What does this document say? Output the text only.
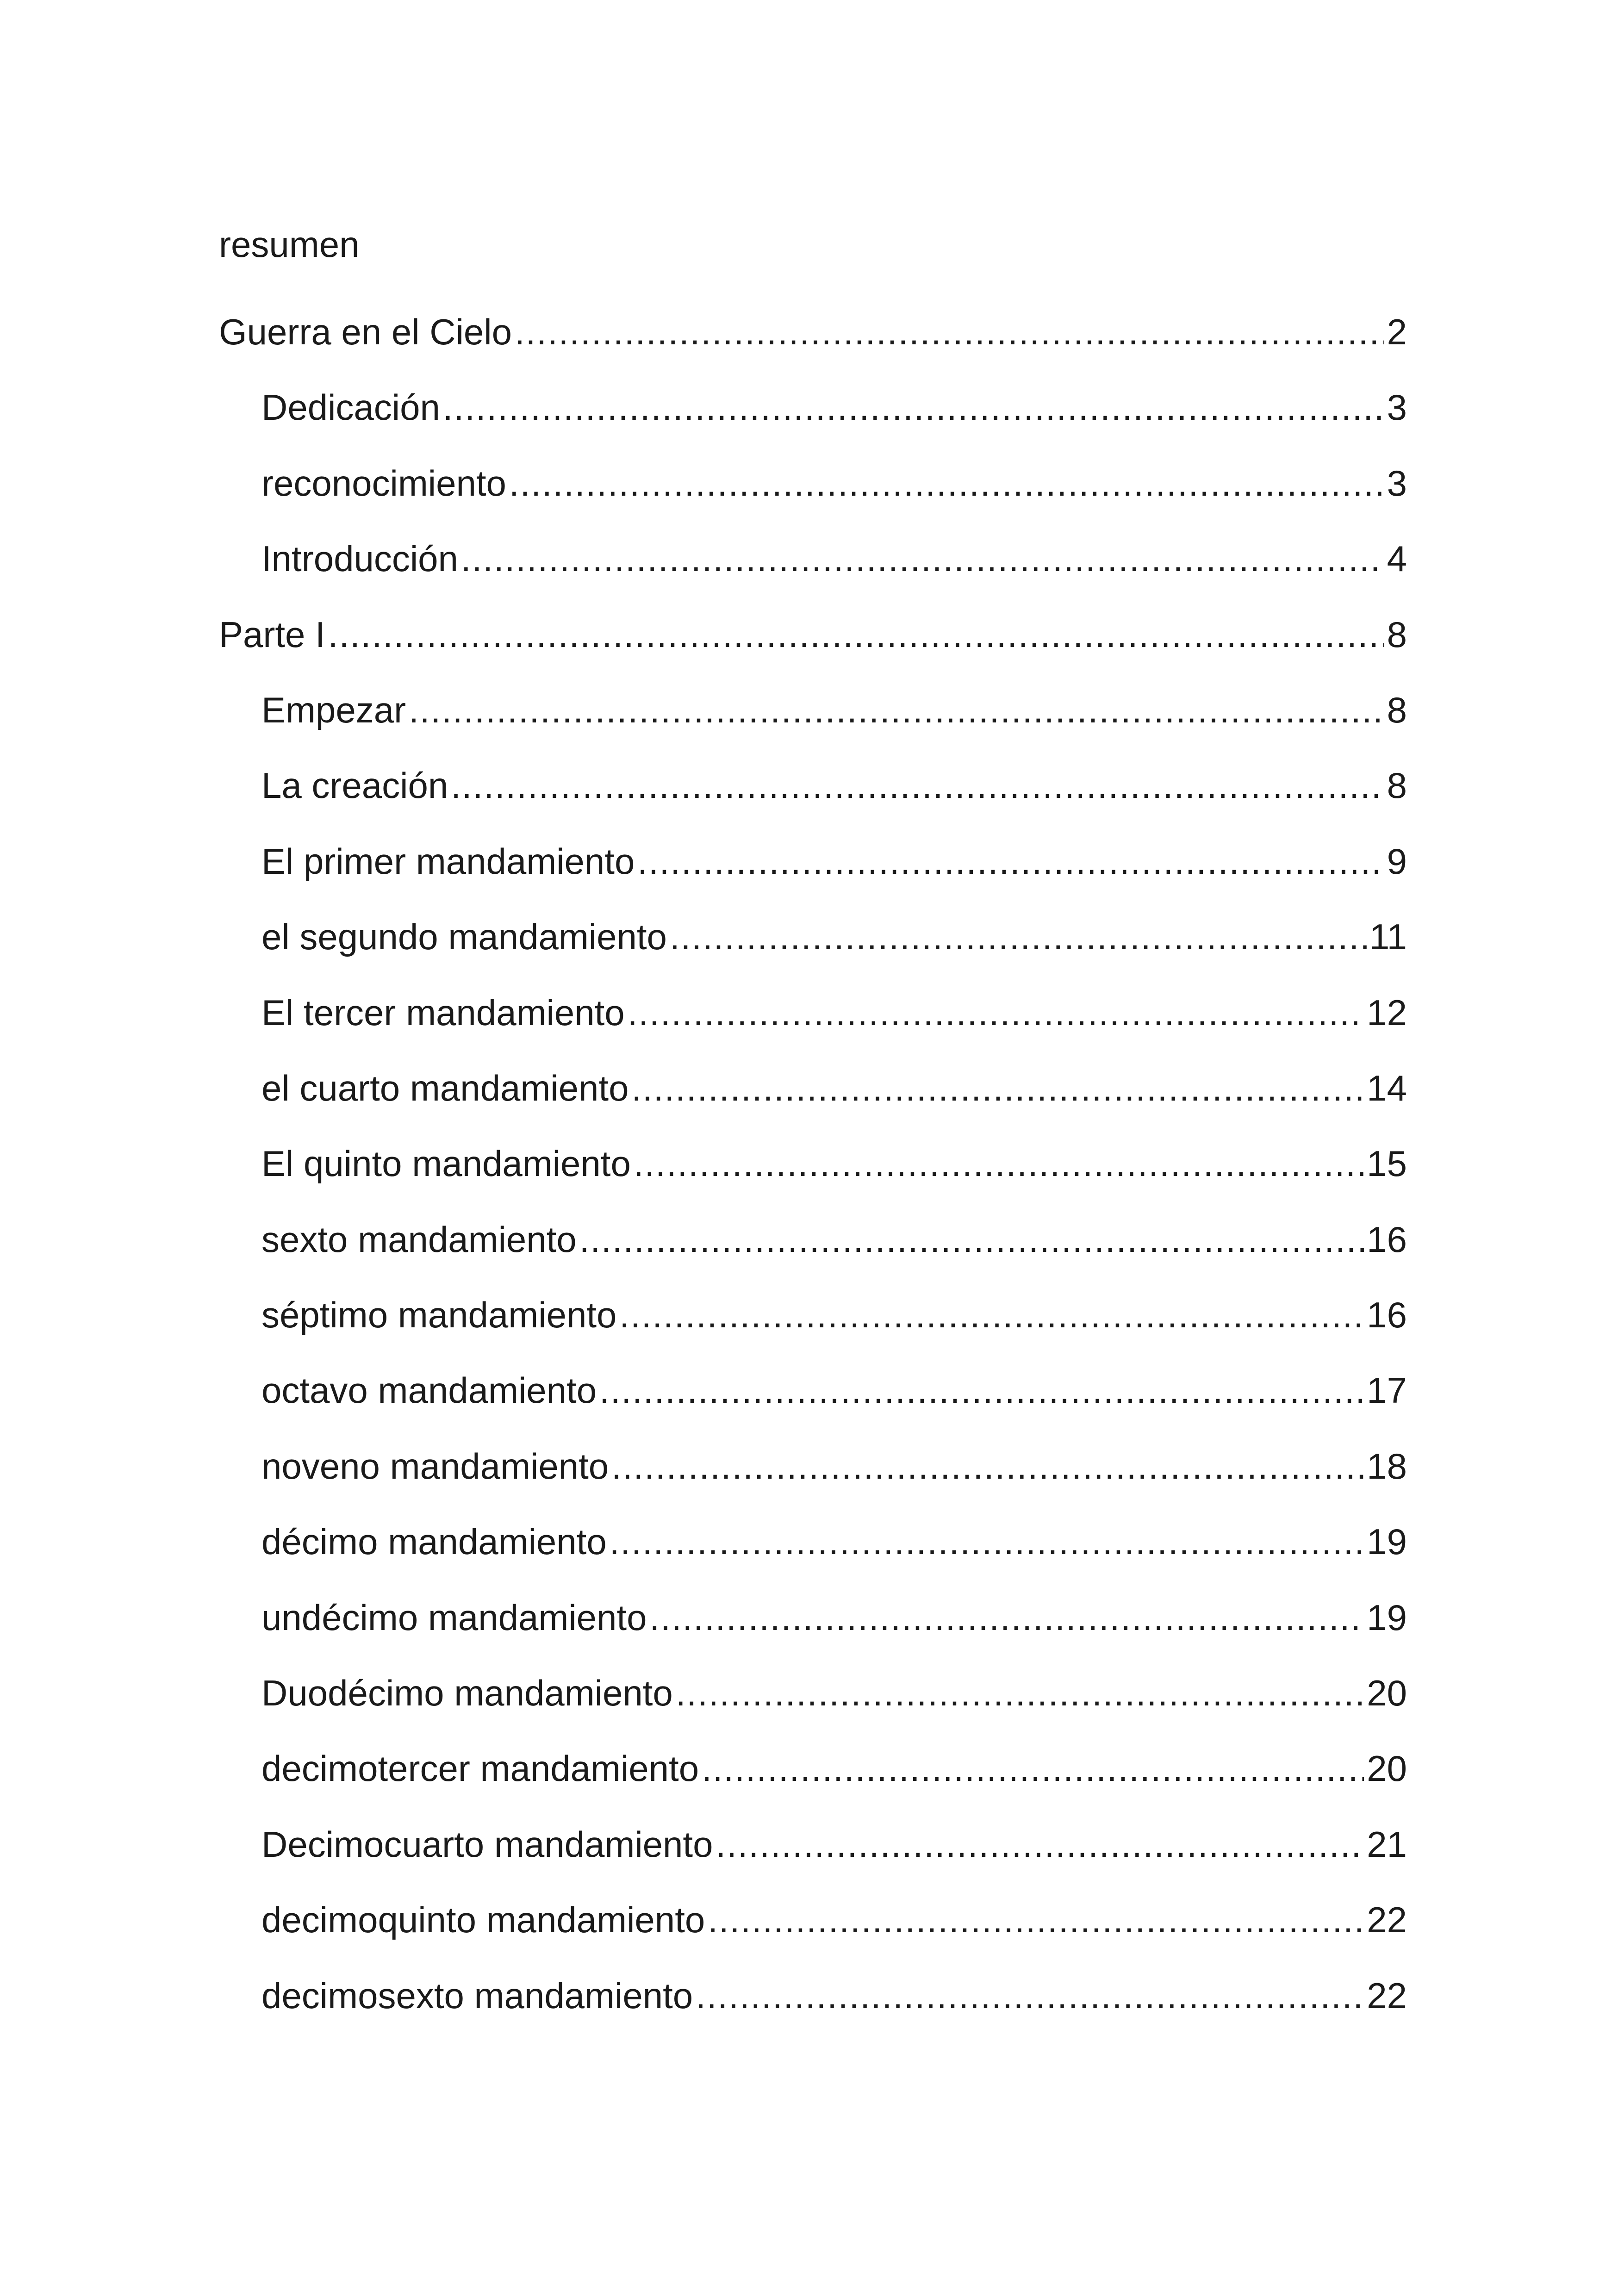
resumen
Guerra en el Cielo .....	2
Dedicación .....	3
reconocimiento .....	3
Introducción .....	4
Parte I .....	8
Empezar .....	8
La creación .....	8
El primer mandamiento .....	9
el segundo mandamiento .....	11
El tercer mandamiento .....	12
el cuarto mandamiento .....	14
El quinto mandamiento .....	15
sexto mandamiento .....	16
séptimo mandamiento .....	16
octavo mandamiento .....	17
noveno mandamiento .....	18
décimo mandamiento .....	19
undécimo mandamiento .....	19
Duodécimo mandamiento .....	20
decimotercer mandamiento .....	20
Decimocuarto mandamiento .....	21
decimoquinto mandamiento .....	22
decimosexto mandamiento .....	22
